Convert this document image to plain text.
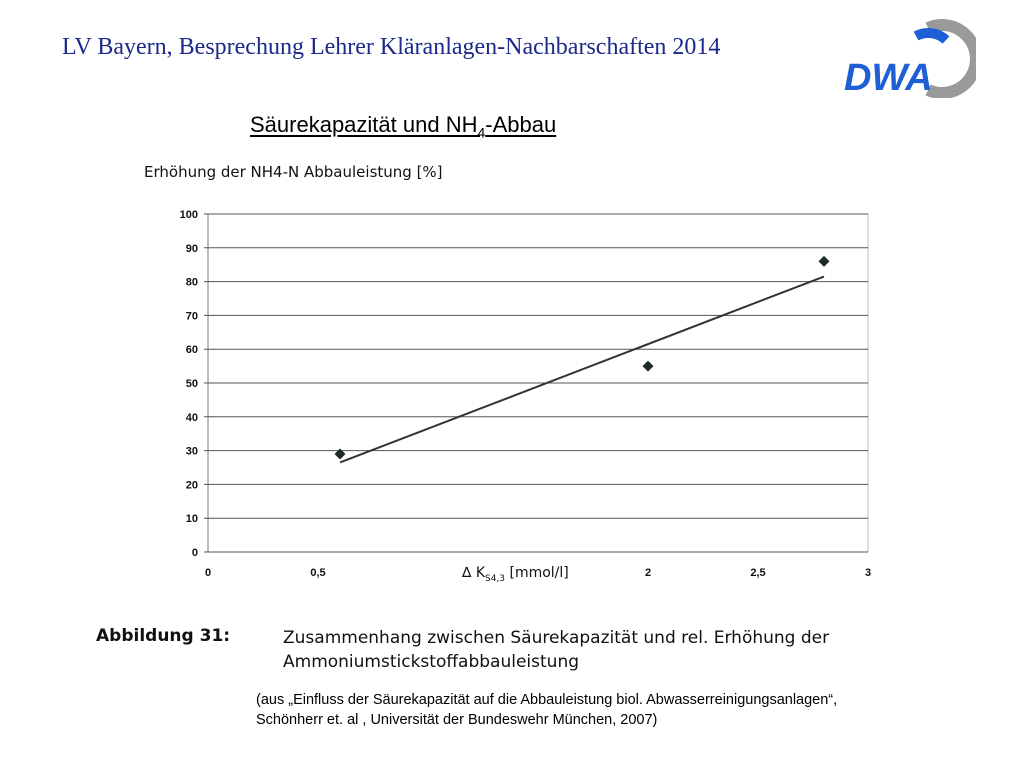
LV Bayern, Besprechung Lehrer Kläranlagen-Nachbarschaften 2014
DWA
Säurekapazität und $NH_4$-Abbau
Erhöhung der NH4-N Abbauleistung [%]
0
10
20
30
40
50
60
70
80
90
100
0	0,5	2	2,5	3
∆ $K_{S4,3}$ [mmol/l]
Abbildung 31:	Zusammenhang zwischen Säurekapazität und rel. Erhöhung der
Ammoniumstickstoffabbauleistung
(aus „Einfluss der Säurekapazität auf die Abbauleistung biol. Abwasserreinigungsanlagen“,
Schönherr et. al , Universität der Bundeswehr München, 2007)
